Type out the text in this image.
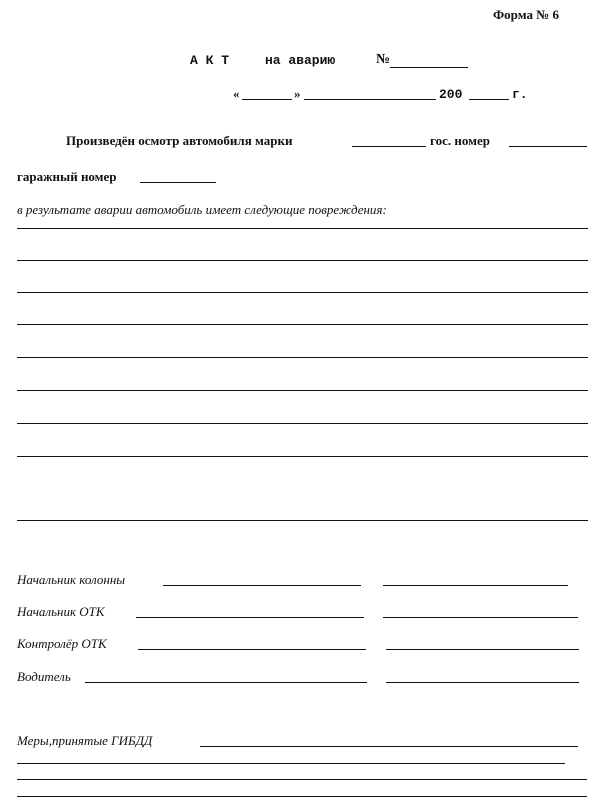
Форма № 6
А К Т	на аварию	№
«	»	200	г.
Произведён осмотр автомобиля марки	гос. номер
гаражный номер
в результате аварии автомобиль имеет следующие повреждения:
Начальник колонны
Начальник ОТК
Контролёр ОТК
Водитель
Меры,принятые ГИБДД
